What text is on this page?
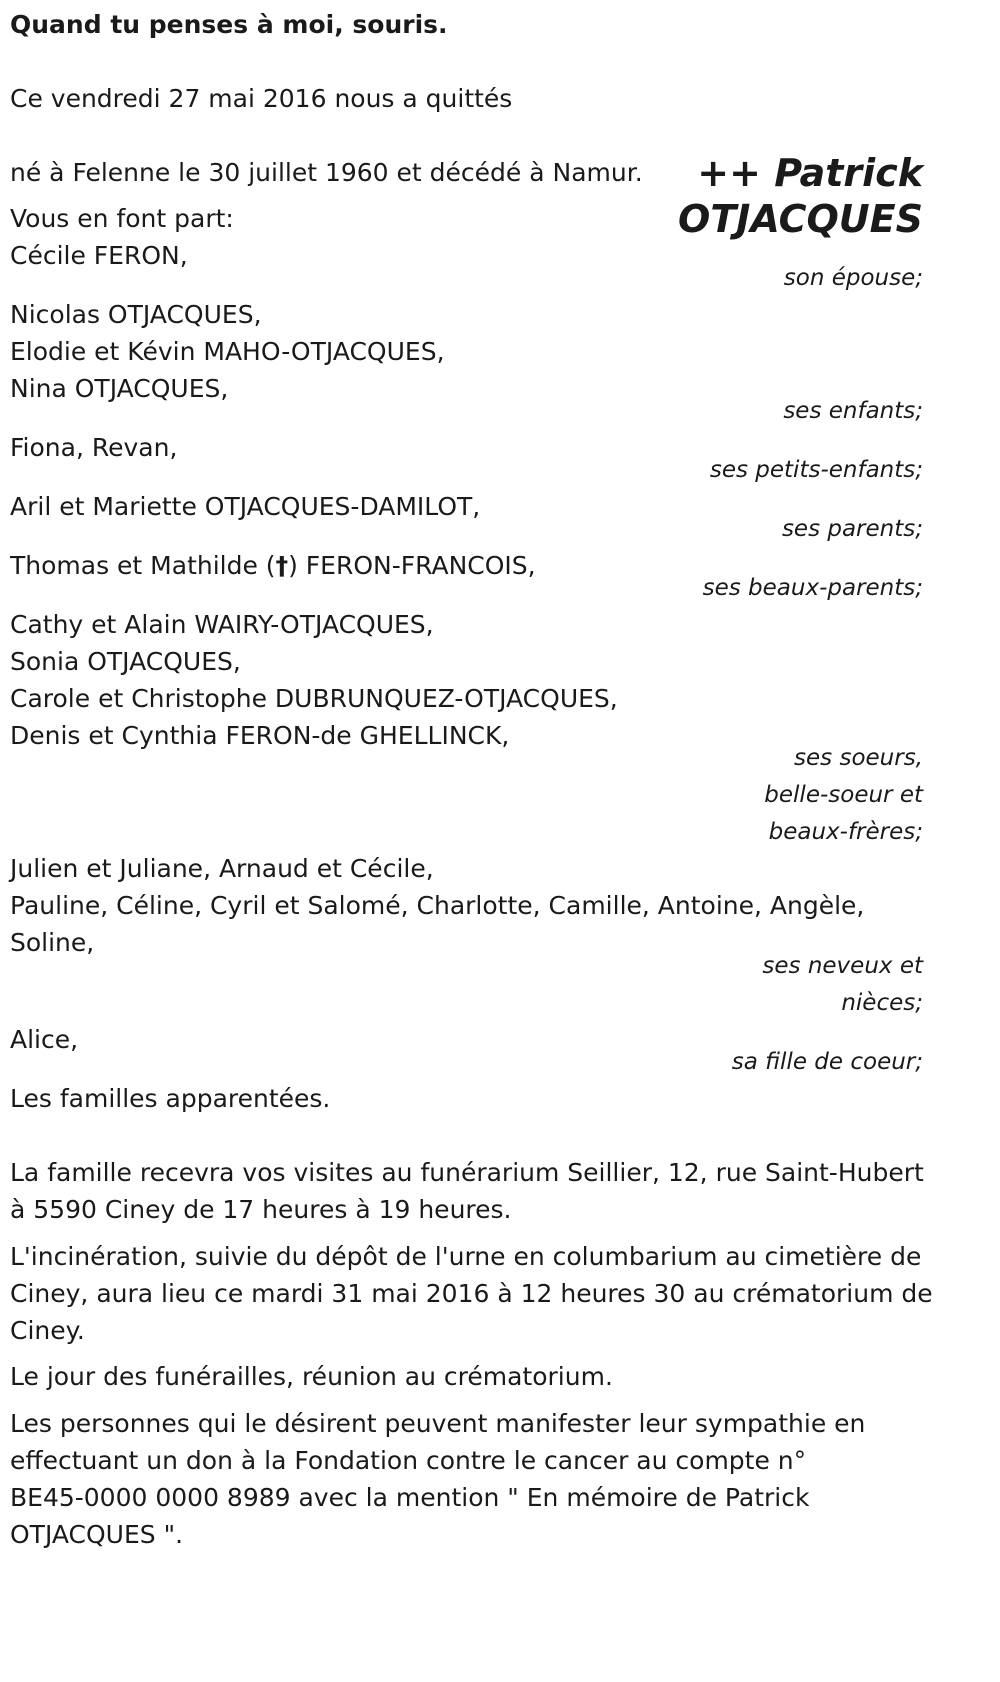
Quand tu penses à moi, souris.

Ce vendredi 27 mai 2016 nous a quittés

né à Felenne le 30 juillet 1960 et décédé à Namur. ++ Patrick
OTJACQUES

Vous en font part:

Cécile FERON,

son épouse;

Nicolas OTJACQUES,

Elodie et Kévin MAHO-OTJACQUES,

Nina OTJACQUES,

ses enfants;

Fiona, Revan,

ses petits-enfants;

Aril et Mariette OTJACQUES-DAMILOT,

ses parents;

Thomas et Mathilde (†) FERON-FRANCOIS,

ses beaux-parents;

Cathy et Alain WAIRY-OTJACQUES,

Sonia OTJACQUES,

Carole et Christophe DUBRUNQUEZ-OTJACQUES,

Denis et Cynthia FERON-de GHELLINCK,

ses soeurs,

belle-soeur et

beaux-frères;

Julien et Juliane, Arnaud et Cécile,

Pauline, Céline, Cyril et Salomé, Charlotte, Camille, Antoine, Angèle,

Soline,

ses neveux et

nièces;

Alice,

sa fille de coeur;

Les familles apparentées.

La famille recevra vos visites au funérarium Seillier, 12, rue Saint-Hubert

à 5590 Ciney de 17 heures à 19 heures.

L'incinération, suivie du dépôt de l'urne en columbarium au cimetière de

Ciney, aura lieu ce mardi 31 mai 2016 à 12 heures 30 au crématorium de

Ciney.

Le jour des funérailles, réunion au crématorium.

Les personnes qui le désirent peuvent manifester leur sympathie en

effectuant un don à la Fondation contre le cancer au compte n°

BE45-0000 0000 8989 avec la mention " En mémoire de Patrick

OTJACQUES ".
